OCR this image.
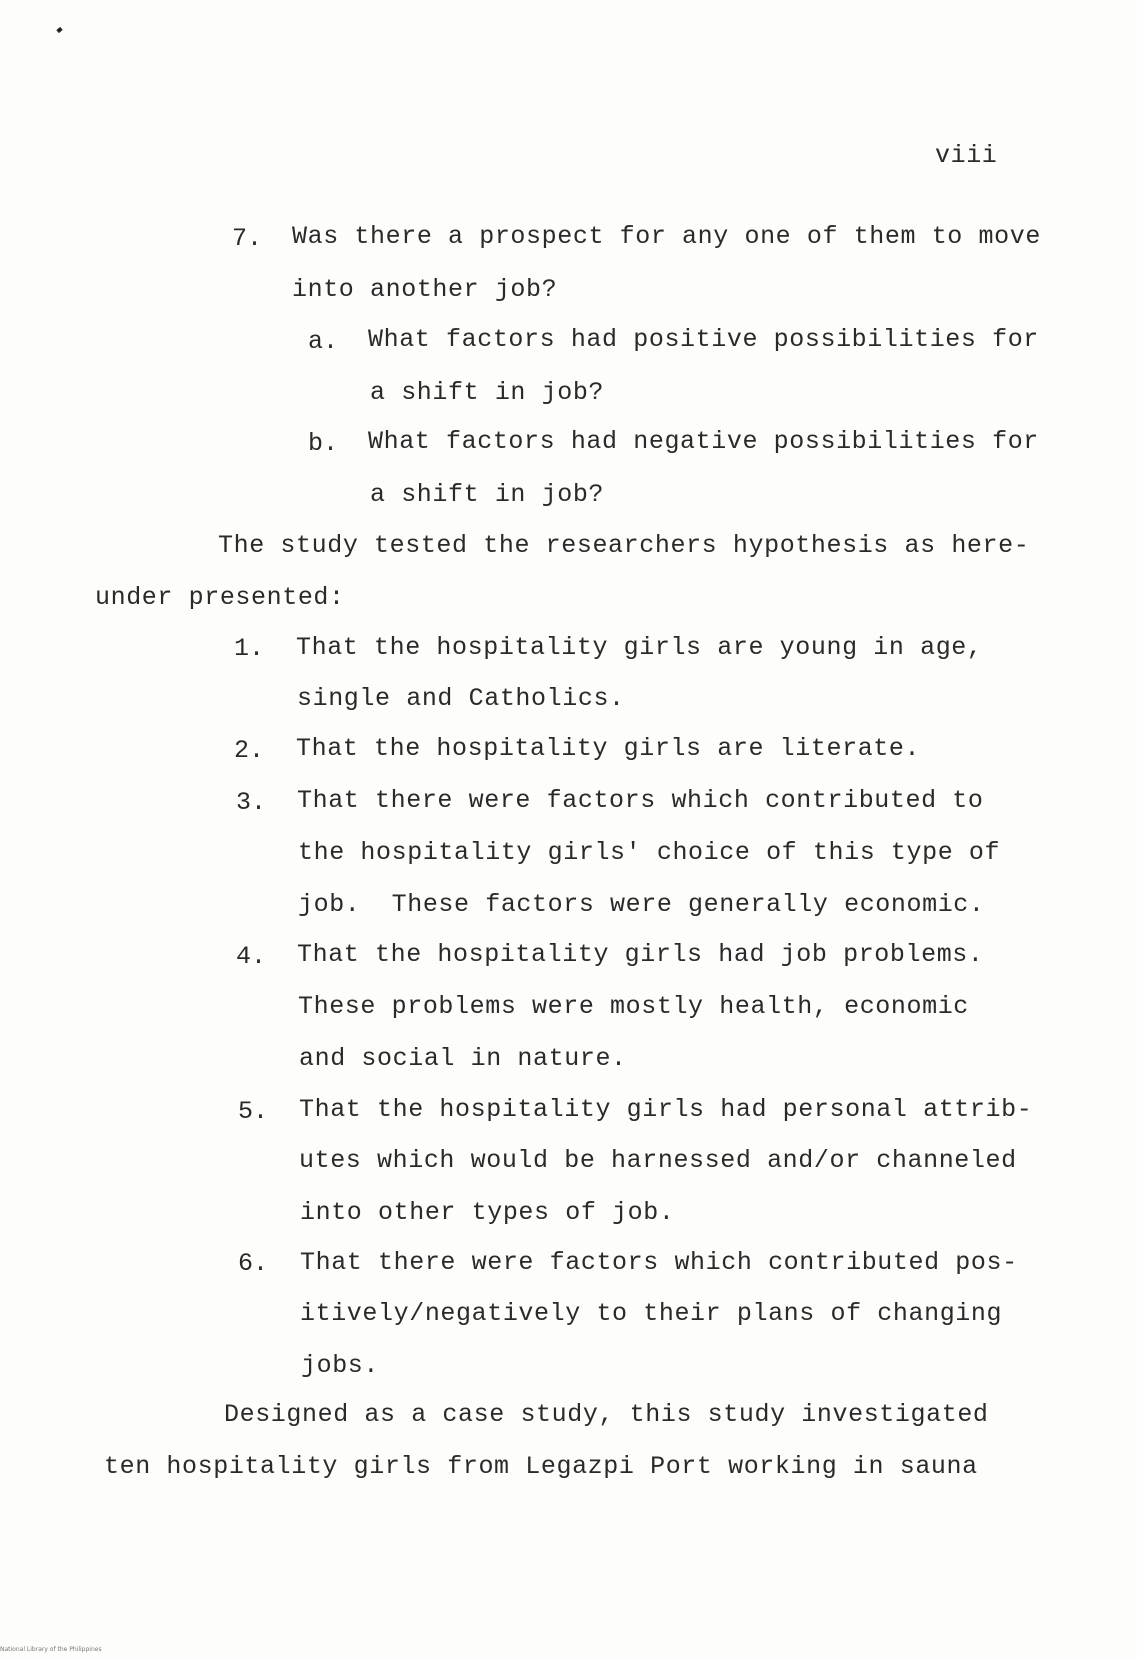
viii
7. Was there a prospect for any one of them to move
into another job?
a. What factors had positive possibilities for
a shift in job?
b. What factors had negative possibilities for
a shift in job?
The study tested the researchers hypothesis as here-
under presented:
1. That the hospitality girls are young in age,
single and Catholics.
2. That the hospitality girls are literate.
3. That there were factors which contributed to
the hospitality girls' choice of this type of
job.  These factors were generally economic.
4. That the hospitality girls had job problems.
These problems were mostly health, economic
and social in nature.
5. That the hospitality girls had personal attrib-
utes which would be harnessed and/or channeled
into other types of job.
6. That there were factors which contributed pos-
itively/negatively to their plans of changing
jobs.
Designed as a case study, this study investigated
ten hospitality girls from Legazpi Port working in sauna
National Library of the Philippines
